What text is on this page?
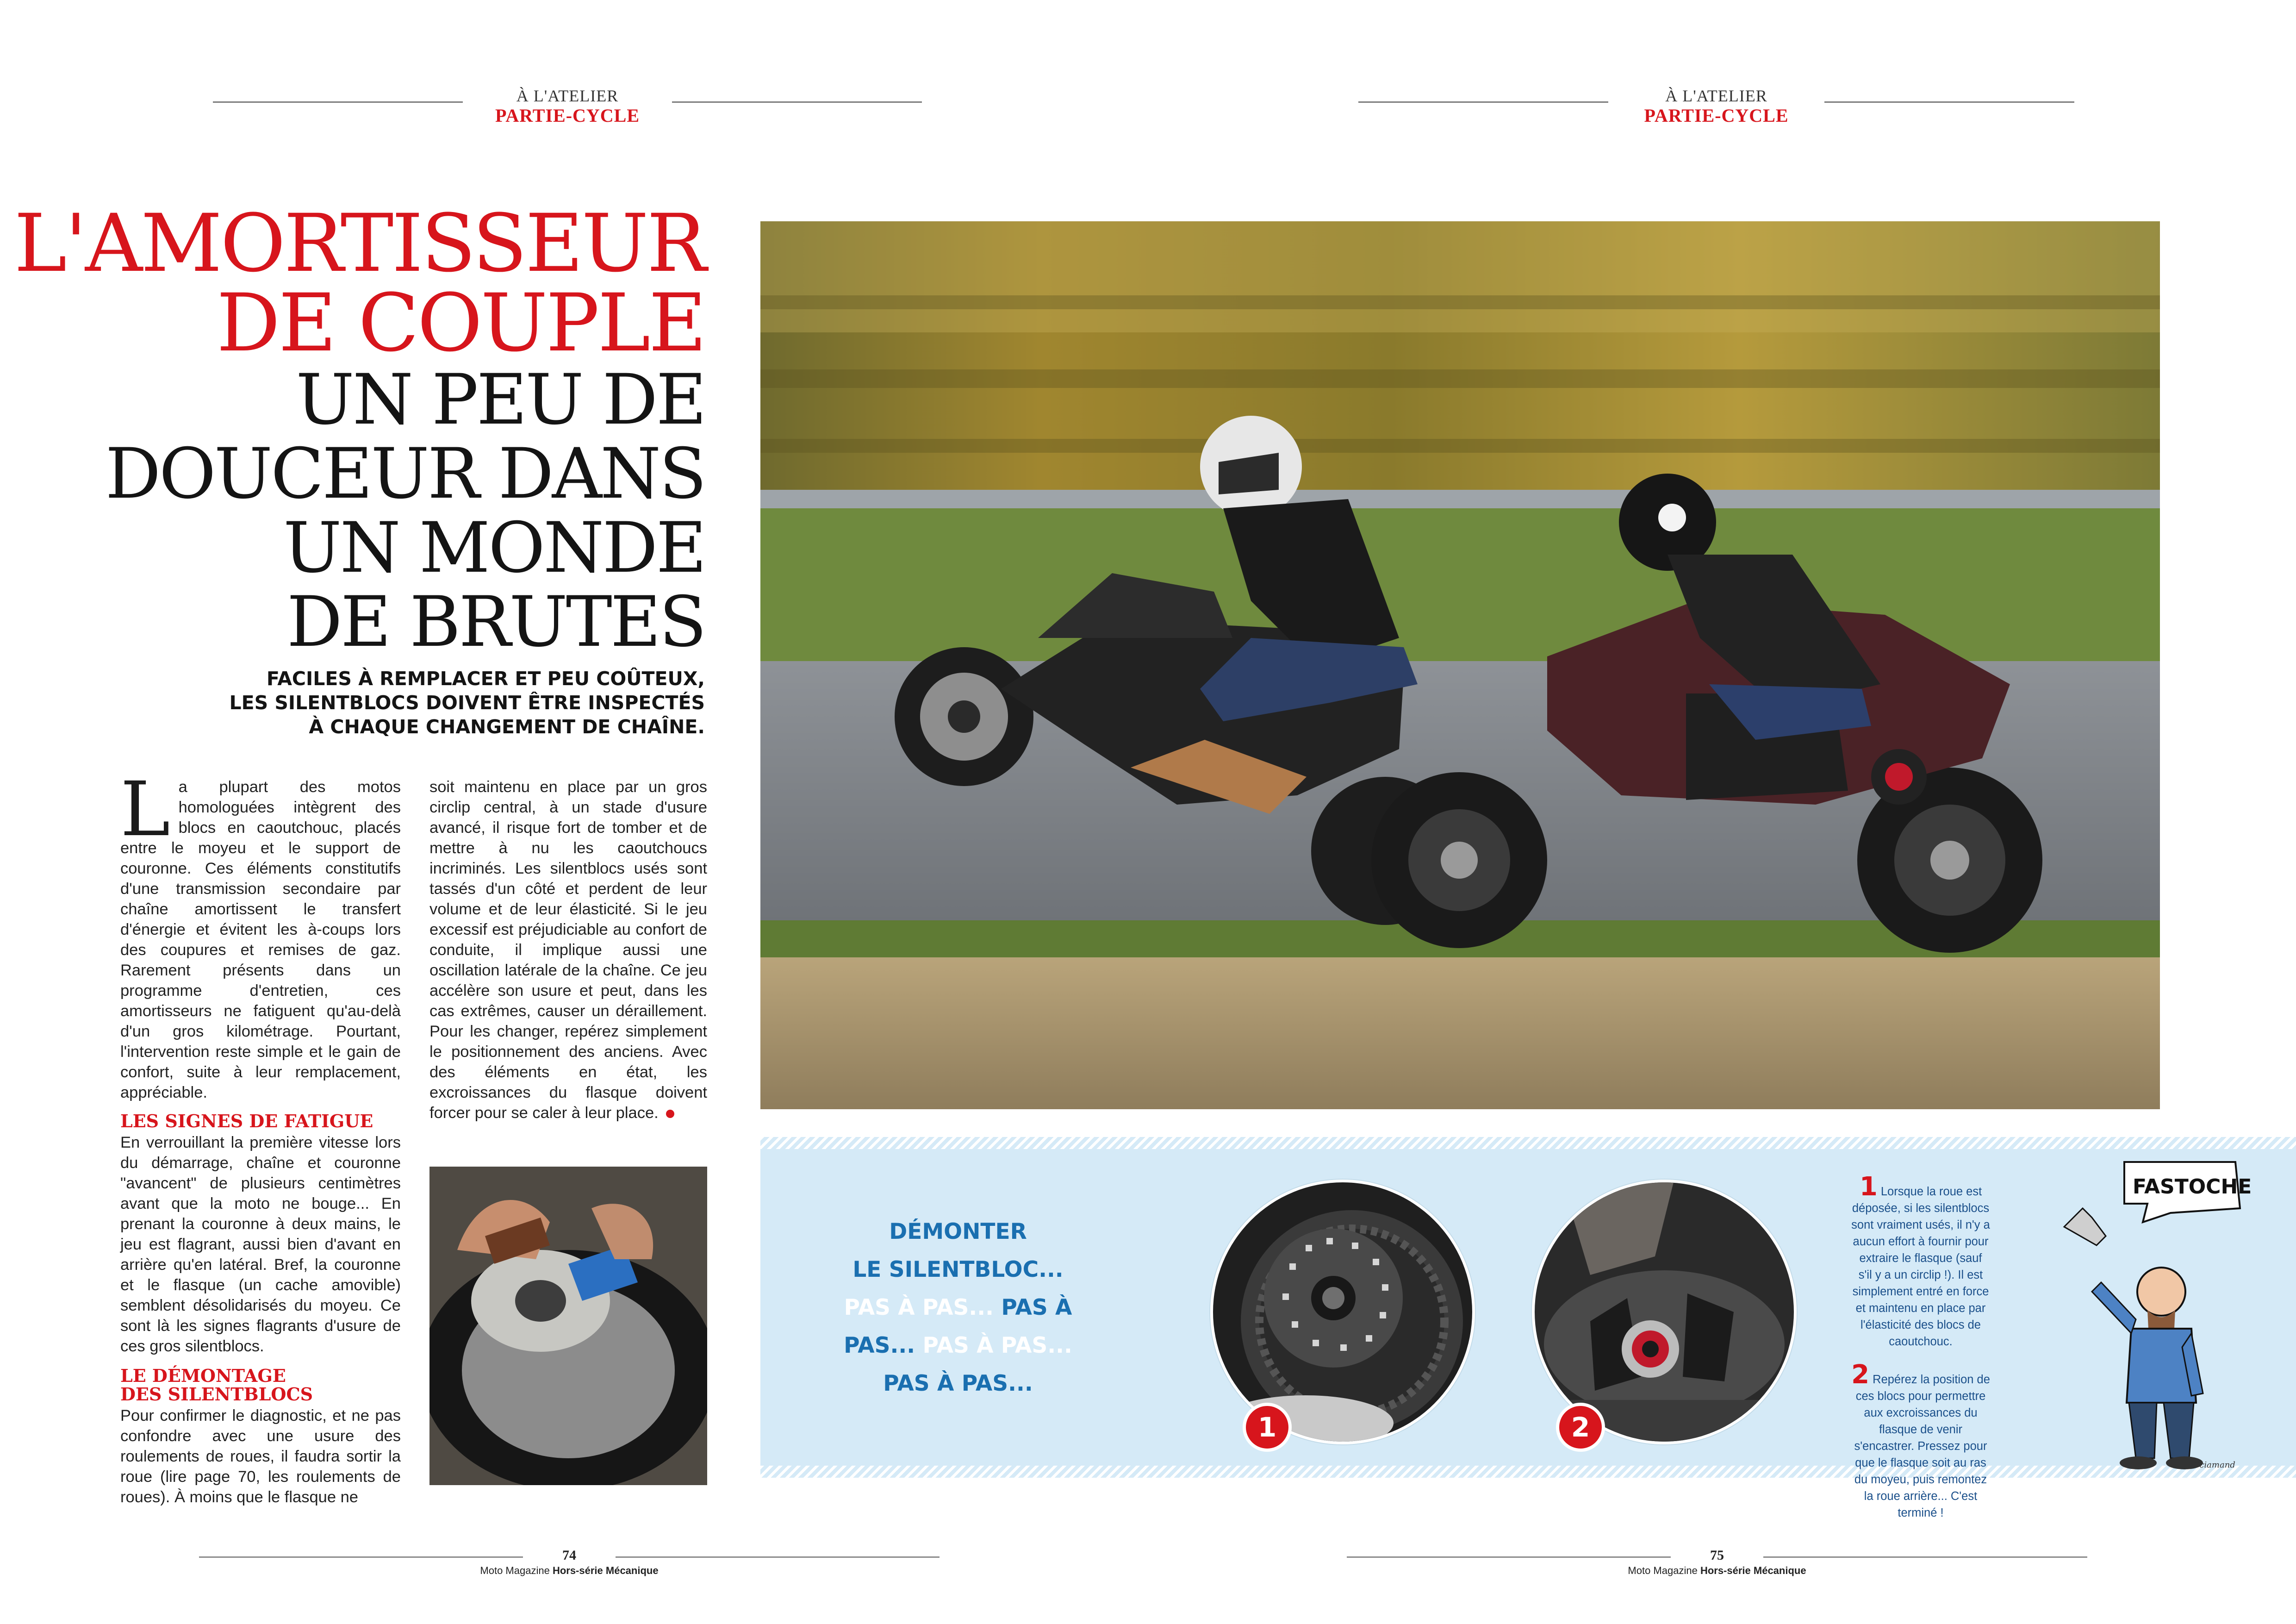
À L'ATELIER
PARTIE-CYCLE
À L'ATELIER
PARTIE-CYCLE
L'AMORTISSEUR
DE COUPLE
UN PEU DE
DOUCEUR DANS
UN MONDE
DE BRUTES
FACILES À REMPLACER ET PEU COÛTEUX,
LES SILENTBLOCS DOIVENT ÊTRE INSPECTÉS
À CHAQUE CHANGEMENT DE CHAÎNE.

La plupart des motos homologuées intègrent des blocs en caoutchouc, placés entre le moyeu et le support de couronne. Ces éléments constitutifs d'une transmission secondaire par chaîne amortissent le transfert d'énergie et évitent les à-coups lors des coupures et remises de gaz. Rarement présents dans un programme d'entretien, ces amortisseurs ne fatiguent qu'au-delà d'un gros kilométrage. Pourtant, l'intervention reste simple et le gain de confort, suite à leur remplacement, appréciable.

LES SIGNES DE FATIGUE

En verrouillant la première vitesse lors du démarrage, chaîne et couronne "avancent" de plusieurs centimètres avant que la moto ne bouge... En prenant la couronne à deux mains, le jeu est flagrant, aussi bien d'avant en arrière qu'en latéral. Bref, la couronne et le flasque (un cache amovible) semblent désolidarisés du moyeu. Ce sont là les signes flagrants d'usure de ces gros silentblocs.

LE DÉMONTAGE
DES SILENTBLOCS

Pour confirmer le diagnostic, et ne pas confondre avec une usure des roulements de roues, il faudra sortir la roue (lire page 70, les roulements de roues). À moins que le flasque ne

soit maintenu en place par un gros circlip central, à un stade d'usure avancé, il risque fort de tomber et de mettre à nu les caoutchoucs incriminés. Les silentblocs usés sont tassés d'un côté et perdent de leur volume et de leur élasticité. Si le jeu excessif est préjudiciable au confort de conduite, il implique aussi une oscillation latérale de la chaîne. Ce jeu accélère son usure et peut, dans les cas extrêmes, causer un déraillement. Pour les changer, repérez simplement le positionnement des anciens. Avec des éléments en état, les excroissances du flasque doivent forcer pour se caler à leur place.

DÉMONTER
LE SILENTBLOC...
PAS À PAS... PAS À
PAS... PAS À PAS...
PAS À PAS...
1	2

1 Lorsque la roue est déposée, si les silentblocs sont vraiment usés, il n'y a aucun effort à fournir pour extraire le flasque (sauf s'il y a un circlip !). Il est simplement entré en force et maintenu en place par l'élasticité des blocs de caoutchouc.

2 Repérez la position de ces blocs pour permettre aux excroissances du flasque de venir s'encastrer. Pressez pour que le flasque soit au ras du moyeu, puis remontez la roue arrière... C'est terminé !

FASTOCHE !
Sciamand
74
Moto Magazine Hors-série Mécanique
75
Moto Magazine Hors-série Mécanique
